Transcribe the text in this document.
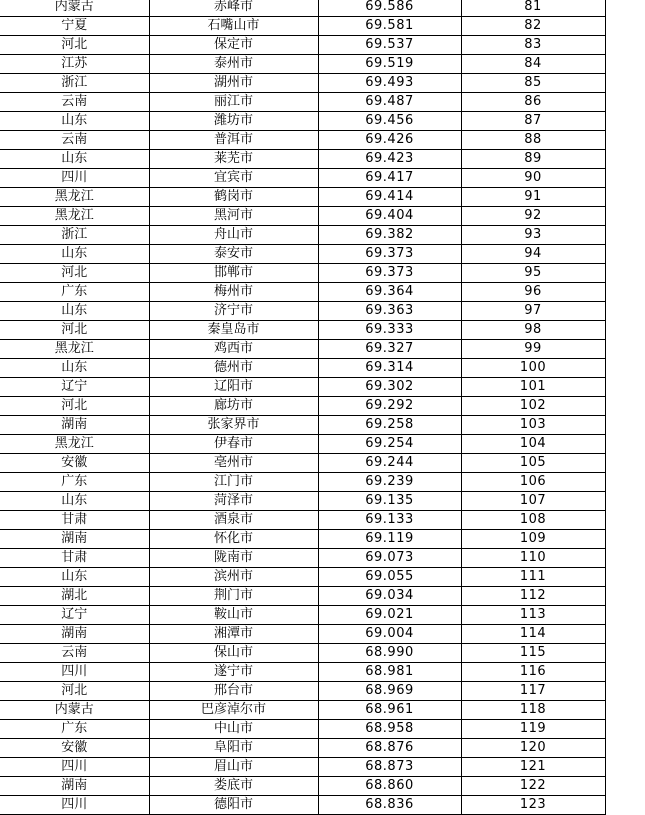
内蒙古	赤峰市	69.586	81	
宁夏	石嘴山市	69.581	82	
河北	保定市	69.537	83	
江苏	泰州市	69.519	84	
浙江	湖州市	69.493	85	
云南	丽江市	69.487	86	
山东	潍坊市	69.456	87	
云南	普洱市	69.426	88	
山东	莱芜市	69.423	89	
四川	宜宾市	69.417	90	
黑龙江	鹤岗市	69.414	91	
黑龙江	黑河市	69.404	92	
浙江	舟山市	69.382	93	
山东	泰安市	69.373	94	
河北	邯郸市	69.373	95	
广东	梅州市	69.364	96	
山东	济宁市	69.363	97	
河北	秦皇岛市	69.333	98	
黑龙江	鸡西市	69.327	99	
山东	德州市	69.314	100	
辽宁	辽阳市	69.302	101	
河北	廊坊市	69.292	102	
湖南	张家界市	69.258	103	
黑龙江	伊春市	69.254	104	
安徽	亳州市	69.244	105	
广东	江门市	69.239	106	
山东	菏泽市	69.135	107	
甘肃	酒泉市	69.133	108	
湖南	怀化市	69.119	109	
甘肃	陇南市	69.073	110	
山东	滨州市	69.055	111	
湖北	荆门市	69.034	112	
辽宁	鞍山市	69.021	113	
湖南	湘潭市	69.004	114	
云南	保山市	68.990	115	
四川	遂宁市	68.981	116	
河北	邢台市	68.969	117	
内蒙古	巴彦淖尔市	68.961	118	
广东	中山市	68.958	119	
安徽	阜阳市	68.876	120	
四川	眉山市	68.873	121	
湖南	娄底市	68.860	122	
四川	德阳市	68.836	123	
